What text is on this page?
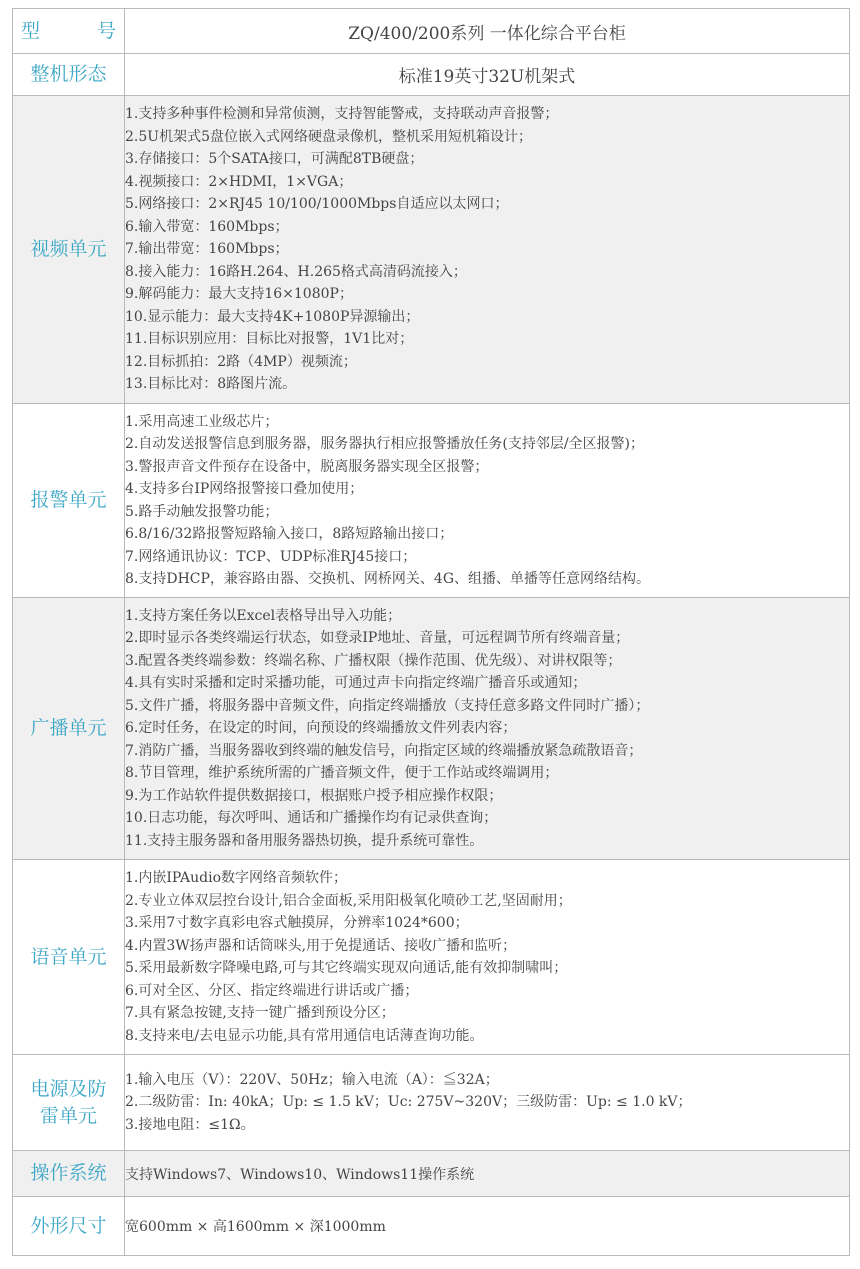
型　号	ZQ/400/200系列 一体化综合平台柜
整机形态	标准19英寸32U机架式
视频单元	
1.支持多种事件检测和异常侦测，支持智能警戒，支持联动声音报警；
2.5U机架式5盘位嵌入式网络硬盘录像机，整机采用短机箱设计；
3.存储接口：5个SATA接口，可满配8TB硬盘；
4.视频接口：2×HDMI，1×VGA；
5.网络接口：2×RJ45 10/100/1000Mbps自适应以太网口；
6.输入带宽：160Mbps；
7.输出带宽：160Mbps；
8.接入能力：16路H.264、H.265格式高清码流接入；
9.解码能力：最大支持16×1080P；
10.显示能力：最大支持4K+1080P异源输出；
11.目标识别应用：目标比对报警，1V1比对；
12.目标抓拍：2路（4MP）视频流；
13.目标比对：8路图片流。

报警单元	
1.采用高速工业级芯片；
2.自动发送报警信息到服务器，服务器执行相应报警播放任务(支持邻层/全区报警)；
3.警报声音文件预存在设备中，脱离服务器实现全区报警；
4.支持多台IP网络报警接口叠加使用；
5.路手动触发报警功能；
6.8/16/32路报警短路输入接口，8路短路输出接口；
7.网络通讯协议：TCP、UDP标准RJ45接口；
8.支持DHCP，兼容路由器、交换机、网桥网关、4G、组播、单播等任意网络结构。

广播单元	
1.支持方案任务以Excel表格导出导入功能；
2.即时显示各类终端运行状态，如登录IP地址、音量，可远程调节所有终端音量；
3.配置各类终端参数：终端名称、广播权限（操作范围、优先级）、对讲权限等；
4.具有实时采播和定时采播功能，可通过声卡向指定终端广播音乐或通知；
5.文件广播，将服务器中音频文件，向指定终端播放（支持任意多路文件同时广播）；
6.定时任务，在设定的时间，向预设的终端播放文件列表内容；
7.消防广播，当服务器收到终端的触发信号，向指定区域的终端播放紧急疏散语音；
8.节目管理，维护系统所需的广播音频文件，便于工作站或终端调用；
9.为工作站软件提供数据接口，根据账户授予相应操作权限；
10.日志功能，每次呼叫、通话和广播操作均有记录供查询；
11.支持主服务器和备用服务器热切换，提升系统可靠性。

语音单元	
1.内嵌IPAudio数字网络音频软件；
2.专业立体双层控台设计,铝合金面板,采用阳极氧化喷砂工艺,坚固耐用；
3.采用7寸数字真彩电容式触摸屏，分辨率1024*600；
4.内置3W扬声器和话筒咪头,用于免提通话、接收广播和监听；
5.采用最新数字降噪电路,可与其它终端实现双向通话,能有效抑制啸叫；
6.可对全区、分区、指定终端进行讲话或广播；
7.具有紧急按键,支持一键广播到预设分区；
8.支持来电/去电显示功能,具有常用通信电话薄查询功能。

电源及防
雷单元

1.输入电压（V）：220V、50Hz；输入电流（A）：≦32A；
2.二级防雷：In: 40kA；Up: ≤ 1.5 kV；Uc: 275V~320V；三级防雷：Up: ≤ 1.0 kV；
3.接地电阻：≤1Ω。

操作系统	支持Windows7、Windows10、Windows11操作系统
外形尺寸	宽600mm × 高1600mm × 深1000mm
